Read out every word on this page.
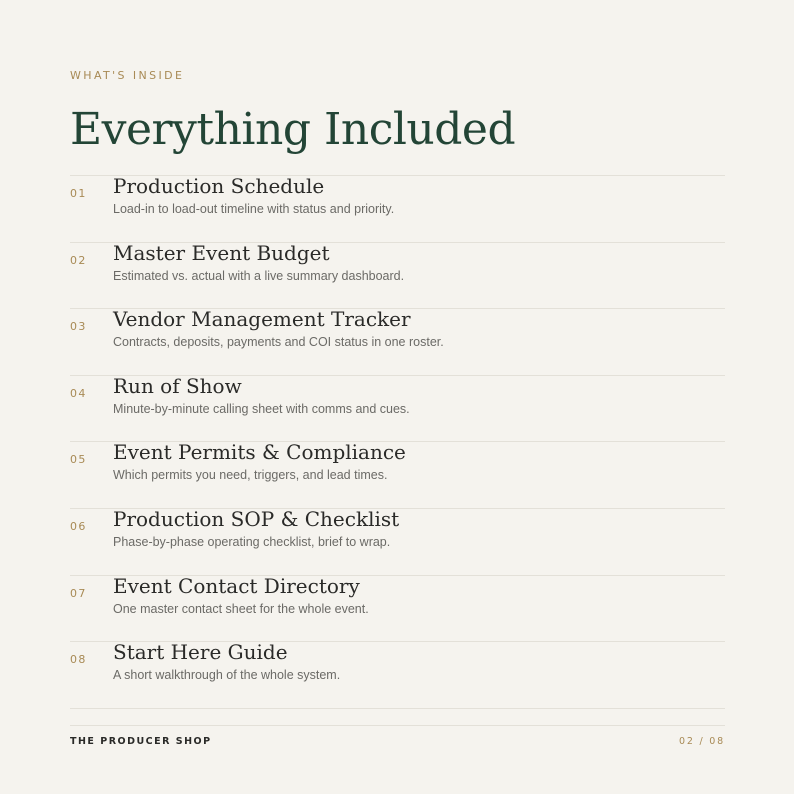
WHAT'S INSIDE
Everything Included
01 Production Schedule
Load-in to load-out timeline with status and priority.
02 Master Event Budget
Estimated vs. actual with a live summary dashboard.
03 Vendor Management Tracker
Contracts, deposits, payments and COI status in one roster.
04 Run of Show
Minute-by-minute calling sheet with comms and cues.
05 Event Permits & Compliance
Which permits you need, triggers, and lead times.
06 Production SOP & Checklist
Phase-by-phase operating checklist, brief to wrap.
07 Event Contact Directory
One master contact sheet for the whole event.
08 Start Here Guide
A short walkthrough of the whole system.
THE PRODUCER SHOP	02 / 08
